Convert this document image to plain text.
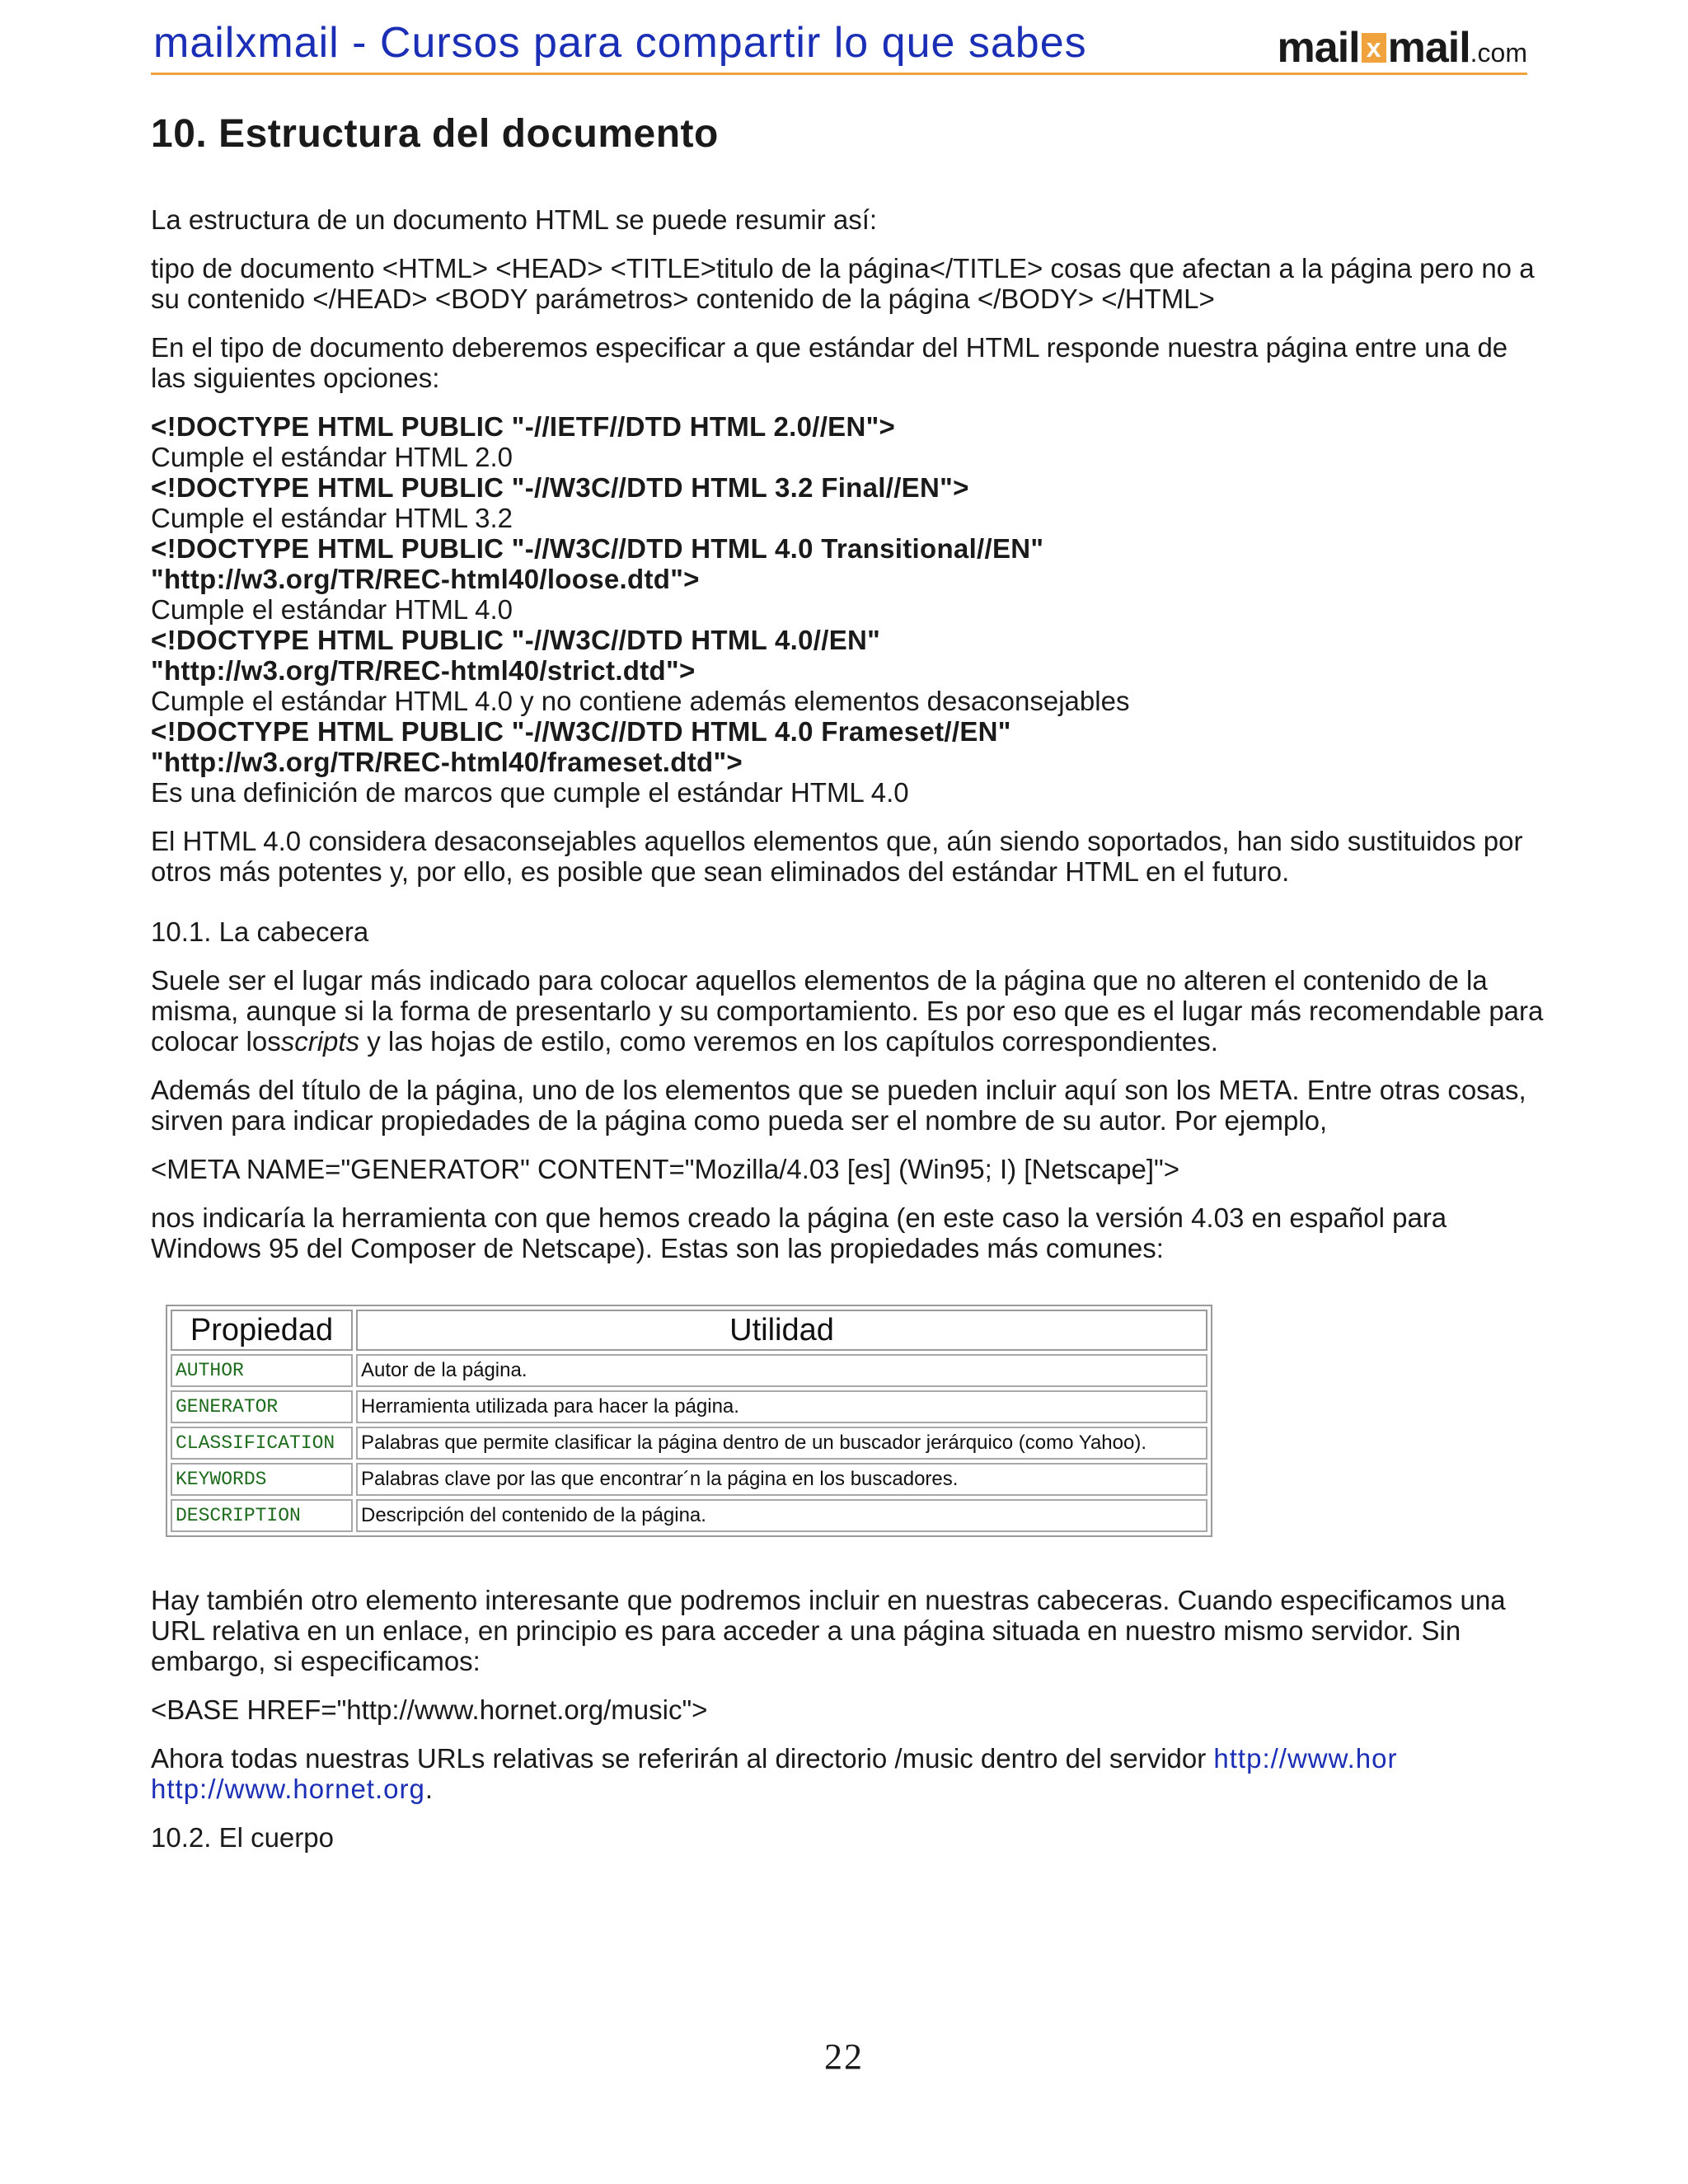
mailxmail - Cursos para compartir lo que sabes	mail x mail.com
10. Estructura del documento

La estructura de un documento HTML se puede resumir así:

tipo de documento <HTML> <HEAD> <TITLE>titulo de la página</TITLE> cosas que afectan a la página pero no a su contenido </HEAD> <BODY parámetros> contenido de la página </BODY> </HTML>

En el tipo de documento deberemos especificar a que estándar del HTML responde nuestra página entre una de las siguientes opciones:

<!DOCTYPE HTML PUBLIC "-//IETF//DTD HTML 2.0//EN">
Cumple el estándar HTML 2.0
<!DOCTYPE HTML PUBLIC "-//W3C//DTD HTML 3.2 Final//EN">
Cumple el estándar HTML 3.2
<!DOCTYPE HTML PUBLIC "-//W3C//DTD HTML 4.0 Transitional//EN"
"http://w3.org/TR/REC-html40/loose.dtd">
Cumple el estándar HTML 4.0
<!DOCTYPE HTML PUBLIC "-//W3C//DTD HTML 4.0//EN"
"http://w3.org/TR/REC-html40/strict.dtd">
Cumple el estándar HTML 4.0 y no contiene además elementos desaconsejables
<!DOCTYPE HTML PUBLIC "-//W3C//DTD HTML 4.0 Frameset//EN"
"http://w3.org/TR/REC-html40/frameset.dtd">
Es una definición de marcos que cumple el estándar HTML 4.0

El HTML 4.0 considera desaconsejables aquellos elementos que, aún siendo soportados, han sido sustituidos por otros más potentes y, por ello, es posible que sean eliminados del estándar HTML en el futuro.

10.1. La cabecera

Suele ser el lugar más indicado para colocar aquellos elementos de la página que no alteren el contenido de la misma, aunque si la forma de presentarlo y su comportamiento. Es por eso que es el lugar más recomendable para colocar losscripts y las hojas de estilo, como veremos en los capítulos correspondientes.

Además del título de la página, uno de los elementos que se pueden incluir aquí son los META. Entre otras cosas, sirven para indicar propiedades de la página como pueda ser el nombre de su autor. Por ejemplo,

<META NAME="GENERATOR" CONTENT="Mozilla/4.03 [es] (Win95; I) [Netscape]">

nos indicaría la herramienta con que hemos creado la página (en este caso la versión 4.03 en español para Windows 95 del Composer de Netscape). Estas son las propiedades más comunes:

Propiedad	Utilidad
AUTHOR	Autor de la página.
GENERATOR	Herramienta utilizada para hacer la página.
CLASSIFICATION	Palabras que permite clasificar la página dentro de un buscador jerárquico (como Yahoo).
KEYWORDS	Palabras clave por las que encontrar´n la página en los buscadores.
DESCRIPTION	Descripción del contenido de la página.

Hay también otro elemento interesante que podremos incluir en nuestras cabeceras. Cuando especificamos una URL relativa en un enlace, en principio es para acceder a una página situada en nuestro mismo servidor. Sin embargo, si especificamos:

<BASE HREF="http://www.hornet.org/music">

Ahora todas nuestras URLs relativas se referirán al directorio /music dentro del servidor http://www.hor
http://www.hornet.org.

10.2. El cuerpo

22
